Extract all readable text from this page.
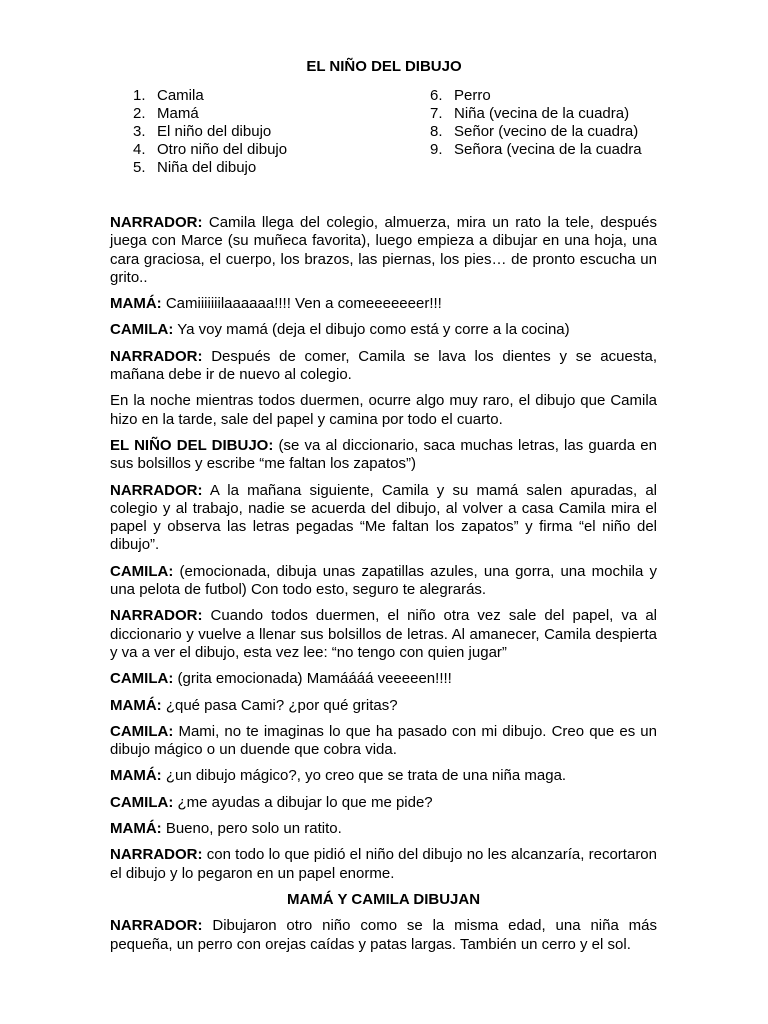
EL NIÑO DEL DIBUJO
1. Camila
2. Mamá
3. El niño del dibujo
4. Otro niño del dibujo
5. Niña del dibujo
6. Perro
7. Niña (vecina de la cuadra)
8. Señor (vecino de la cuadra)
9. Señora (vecina de la cuadra

NARRADOR: Camila llega del colegio, almuerza, mira un rato la tele, después juega con Marce (su muñeca favorita), luego empieza a dibujar en una hoja, una cara graciosa, el cuerpo, los brazos, las piernas, los pies… de pronto escucha un grito..

MAMÁ: Camiiiiiiilaaaaaa!!!! Ven a comeeeeeeer!!!

CAMILA: Ya voy mamá (deja el dibujo como está y corre a la cocina)

NARRADOR: Después de comer, Camila se lava los dientes y se acuesta, mañana debe ir de nuevo al colegio.

En la noche mientras todos duermen, ocurre algo muy raro, el dibujo que Camila hizo en la tarde, sale del papel y camina por todo el cuarto.

EL NIÑO DEL DIBUJO: (se va al diccionario, saca muchas letras, las guarda en sus bolsillos y escribe “me faltan los zapatos”)

NARRADOR: A la mañana siguiente, Camila y su mamá salen apuradas, al colegio y al trabajo, nadie se acuerda del dibujo, al volver a casa Camila mira el papel y observa las letras pegadas “Me faltan los zapatos” y firma “el niño del dibujo”.

CAMILA: (emocionada, dibuja unas zapatillas azules, una gorra, una mochila y una pelota de futbol) Con todo esto, seguro te alegrarás.

NARRADOR: Cuando todos duermen, el niño otra vez sale del papel, va al diccionario y vuelve a llenar sus bolsillos de letras. Al amanecer, Camila despierta y va a ver el dibujo, esta vez lee: “no tengo con quien jugar”

CAMILA: (grita emocionada) Mamáááá veeeeen!!!!

MAMÁ: ¿qué pasa Cami? ¿por qué gritas?

CAMILA: Mami, no te imaginas lo que ha pasado con mi dibujo. Creo que es un dibujo mágico o un duende que cobra vida.

MAMÁ: ¿un dibujo mágico?, yo creo que se trata de una niña maga.

CAMILA: ¿me ayudas a dibujar lo que me pide?

MAMÁ: Bueno, pero solo un ratito.

NARRADOR: con todo lo que pidió el niño del dibujo no les alcanzaría, recortaron el dibujo y lo pegaron en un papel enorme.

MAMÁ Y CAMILA DIBUJAN

NARRADOR: Dibujaron otro niño como se la misma edad, una niña más pequeña, un perro con orejas caídas y patas largas. También un cerro y el sol.
